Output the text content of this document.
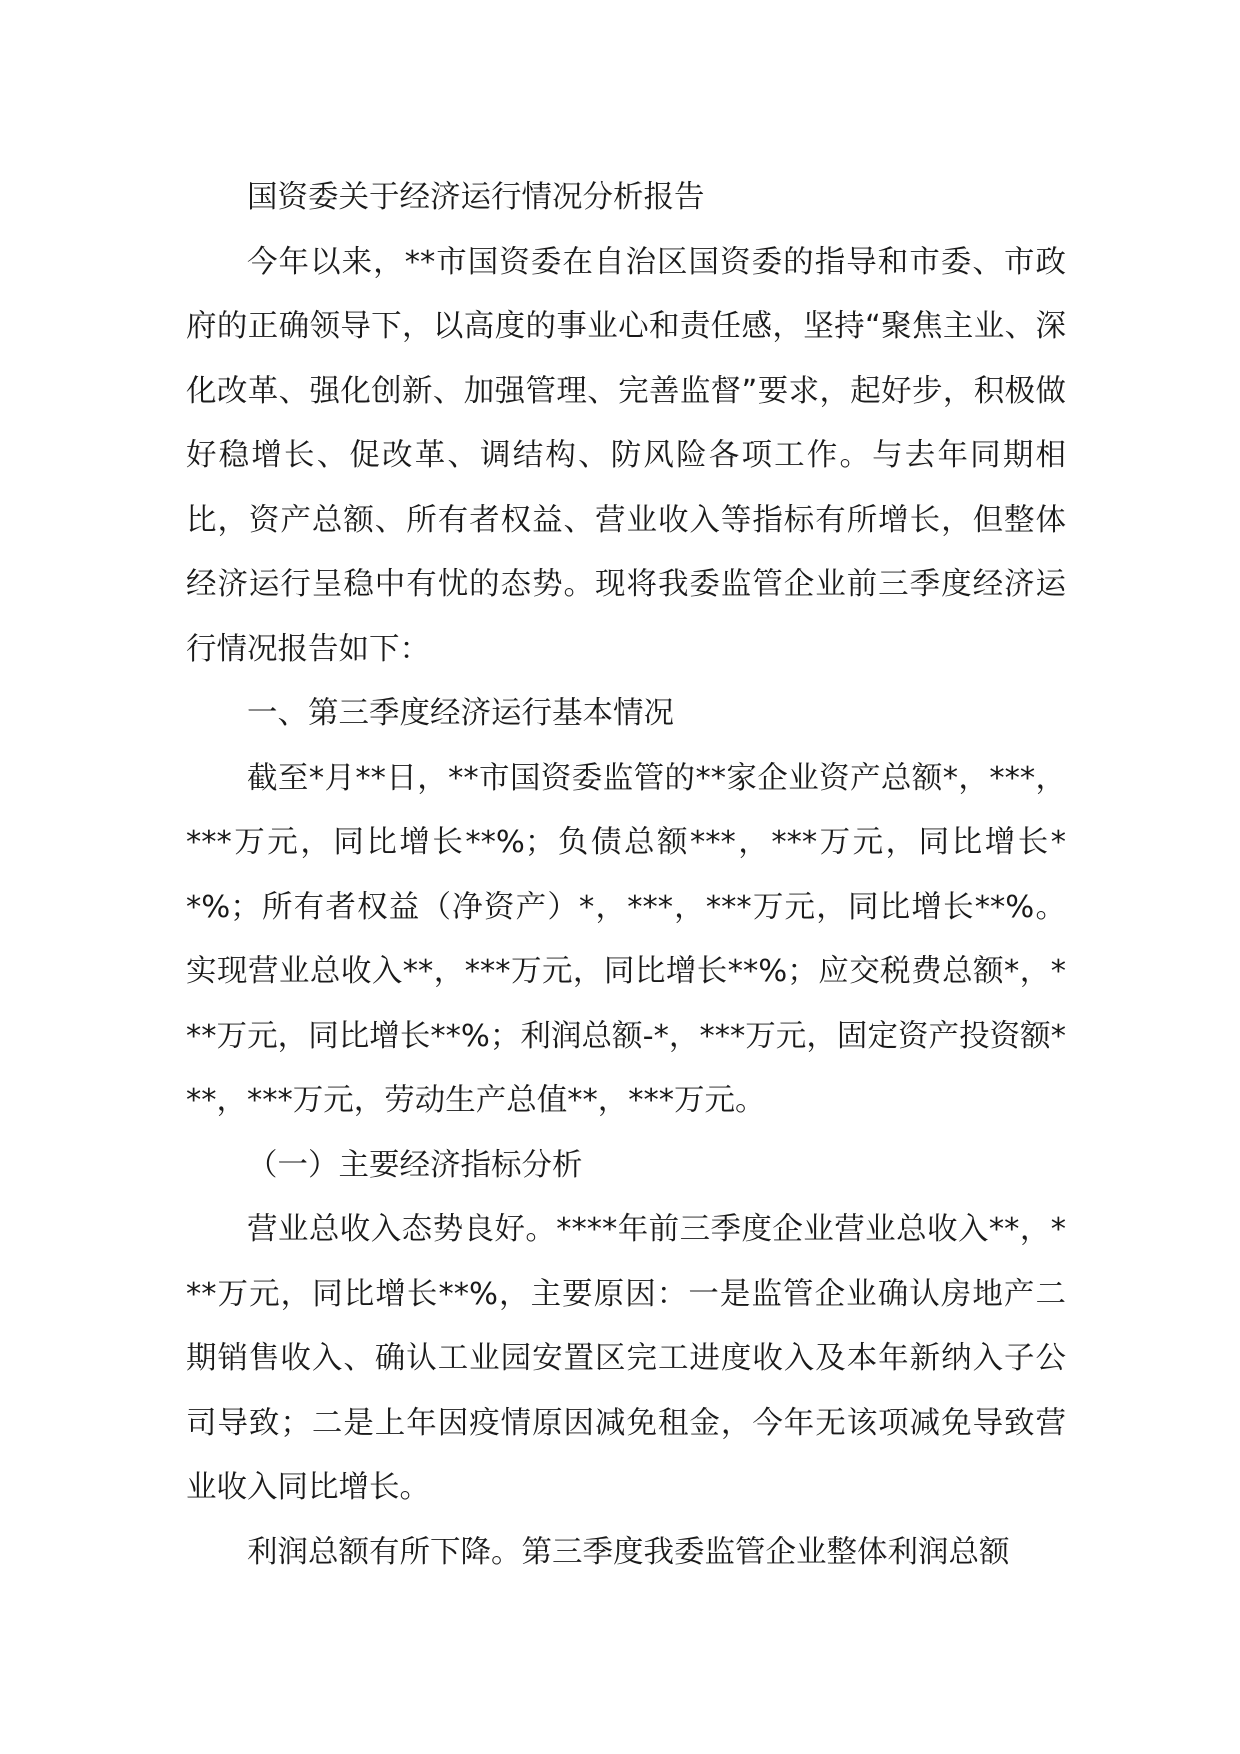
国资委关于经济运行情况分析报告

今年以来，**市国资委在自治区国资委的指导和市委、市政府的正确领导下，以高度的事业心和责任感，坚持“聚焦主业、深化改革、强化创新、加强管理、完善监督”要求，起好步，积极做好稳增长、促改革、调结构、防风险各项工作。与去年同期相比，资产总额、所有者权益、营业收入等指标有所增长，但整体经济运行呈稳中有忧的态势。现将我委监管企业前三季度经济运行情况报告如下：

一、第三季度经济运行基本情况

截至*月**日，**市国资委监管的**家企业资产总额*，***，***万元，同比增长**%；负债总额***，***万元，同比增长**%；所有者权益（净资产）*，***，***万元，同比增长**%。实现营业总收入**，***万元，同比增长**%；应交税费总额*，***万元，同比增长**%；利润总额-*，***万元，固定资产投资额***，***万元，劳动生产总值**，***万元。

（一）主要经济指标分析

营业总收入态势良好。****年前三季度企业营业总收入**，***万元，同比增长**%，主要原因：一是监管企业确认房地产二期销售收入、确认工业园安置区完工进度收入及本年新纳入子公司导致；二是上年因疫情原因减免租金，今年无该项减免导致营业收入同比增长。

利润总额有所下降。第三季度我委监管企业整体利润总额
